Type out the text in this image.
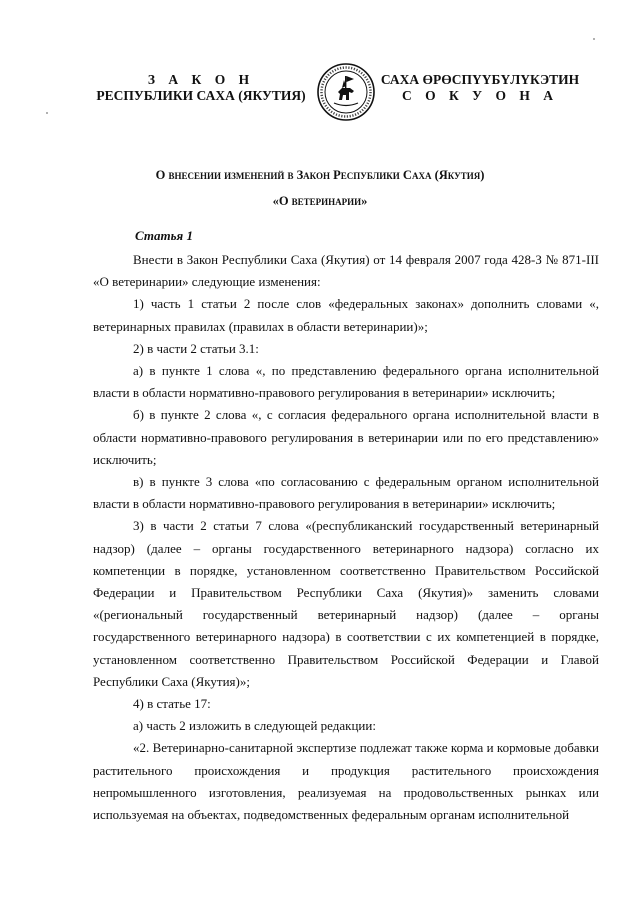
З А К О Н
РЕСПУБЛИКИ САХА (ЯКУТИЯ)
САХА ӨРӨСПҮҮБҮЛҮКЭТИН
С О К У О Н А
О внесении изменений в Закон Республики Саха (Якутия)
«О ветеринарии»
Статья 1

Внести в Закон Республики Саха (Якутия) от 14 февраля 2007 года 428-З № 871-III «О ветеринарии» следующие изменения:

1) часть 1 статьи 2 после слов «федеральных законах» дополнить словами «, ветеринарных правилах (правилах в области ветеринарии)»;

2) в части 2 статьи 3.1:

а) в пункте 1 слова «, по представлению федерального органа исполнительной власти в области нормативно-правового регулирования в ветеринарии» исключить;

б) в пункте 2 слова «, с согласия федерального органа исполнительной власти в области нормативно-правового регулирования в ветеринарии или по его представлению» исключить;

в) в пункте 3 слова «по согласованию с федеральным органом исполнительной власти в области нормативно-правового регулирования в ветеринарии» исключить;

3) в части 2 статьи 7 слова «(республиканский государственный ветеринарный надзор) (далее – органы государственного ветеринарного надзора) согласно их компетенции в порядке, установленном соответственно Правительством Российской Федерации и Правительством Республики Саха (Якутия)» заменить словами «(региональный государственный ветеринарный надзор) (далее – органы государственного ветеринарного надзора) в соответствии с их компетенцией в порядке, установленном соответственно Правительством Российской Федерации и Главой Республики Саха (Якутия)»;

4) в статье 17:

а) часть 2 изложить в следующей редакции:

«2. Ветеринарно-санитарной экспертизе подлежат также корма и кормовые добавки растительного происхождения и продукция растительного происхождения непромышленного изготовления, реализуемая на продовольственных рынках или используемая на объектах, подведомственных федеральным органам исполнительной
